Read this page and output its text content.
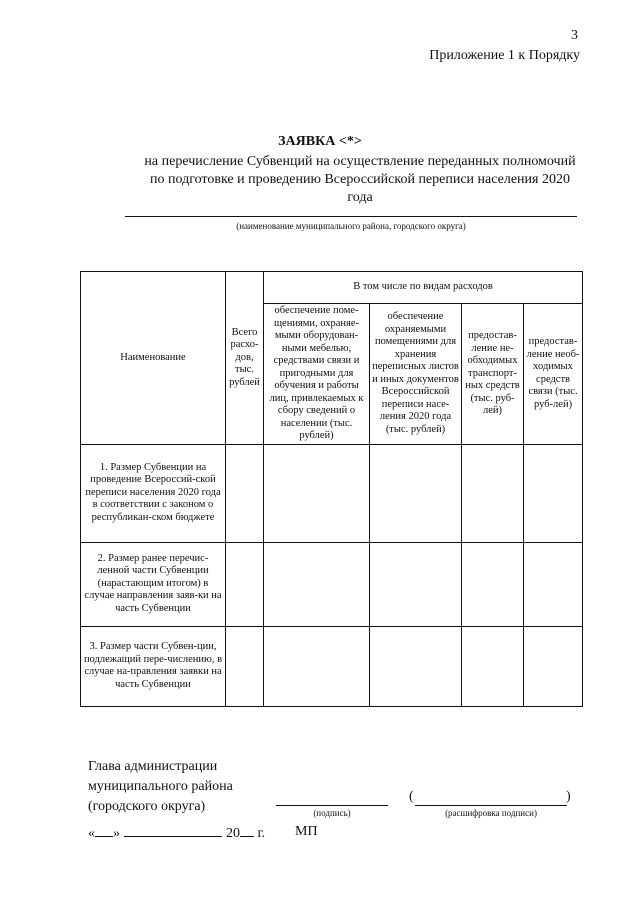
3
Приложение 1 к Порядку
ЗАЯВКА <*>
на перечисление Субвенций на осуществление переданных полномочий по подготовке и проведению Всероссийской переписи населения 2020 года
(наименование муниципального района, городского округа)
Наименование	Всего расхо-дов, тыс. рублей	В том числе по видам расходов			
		обеспечение поме-щениями, охраняе-мыми оборудован-ными мебелью, средствами связи и пригодными для обучения и работы лиц, привлекаемых к сбору сведений о населении (тыс. рублей)	обеспечение охраняемыми помещениями для хранения переписных листов и иных документов Всероссийской переписи насе-ления 2020 года (тыс. рублей)	предостав-ление не-обходимых транспорт-ных средств (тыс. руб-лей)	предостав-ление необ-ходимых средств связи (тыс. руб-лей)
1. Размер Субвенции на проведение Всероссий-ской переписи населения 2020 года в соответствии с законом о республикан-ском бюджете					
2. Размер ранее перечис-ленной части Субвенции (нарастающим итогом) в случае направления заяв-ки на часть Субвенции					
3. Размер части Субвен-ции, подлежащий пере-числению, в случае на-правления заявки на часть Субвенции					
Глава администрации
муниципального района
(городского округа)	(подпись)
(	)
(расшифровка подписи)
« »	20 г. МП
